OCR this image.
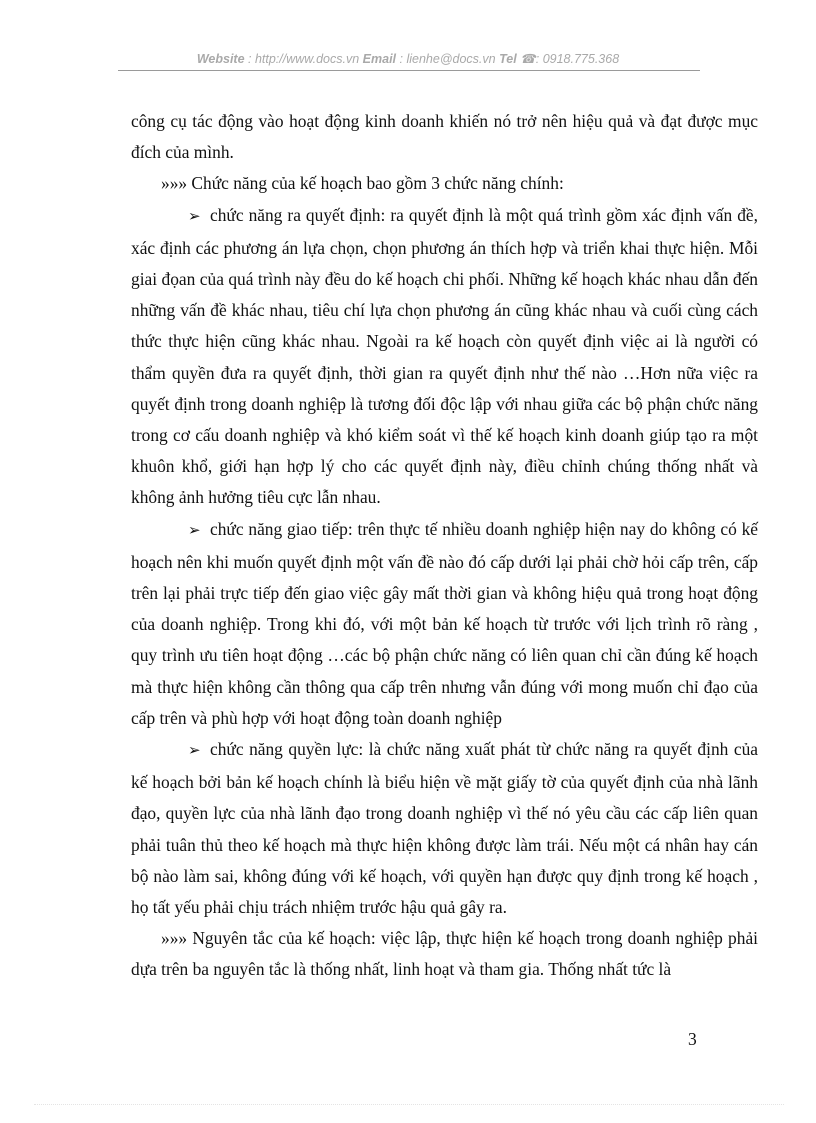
Website : http://www.docs.vn Email : lienhe@docs.vn Tel ☎: 0918.775.368

công cụ tác động vào hoạt động kinh doanh khiến nó trở nên hiệu quả và đạt được mục đích của mình.

»»» Chức năng của kế hoạch bao gồm 3 chức năng chính:

➢ chức năng ra quyết định: ra quyết định là một quá trình gồm xác định vấn đề, xác định các phương án lựa chọn, chọn phương án thích hợp và triển khai thực hiện. Mỗi giai đọan của quá trình này đều do kế hoạch chi phối. Những kế hoạch khác nhau dẫn đến những vấn đề khác nhau, tiêu chí lựa chọn phương án cũng khác nhau và cuối cùng cách thức thực hiện cũng khác nhau. Ngoài ra kế hoạch còn quyết định việc ai là người có thẩm quyền đưa ra quyết định, thời gian ra quyết định như thế nào …Hơn nữa việc ra quyết định trong doanh nghiệp là tương đối độc lập với nhau giữa các bộ phận chức năng trong cơ cấu doanh nghiệp và khó kiểm soát vì thế kế hoạch kinh doanh giúp tạo ra một khuôn khổ, giới hạn hợp lý cho các quyết định này, điều chỉnh chúng thống nhất và không ảnh hưởng tiêu cực lẫn nhau.

➢ chức năng giao tiếp: trên thực tế nhiều doanh nghiệp hiện nay do không có kế hoạch nên khi muốn quyết định một vấn đề nào đó cấp dưới lại phải chờ hỏi cấp trên, cấp trên lại phải trực tiếp đến giao việc gây mất thời gian và không hiệu quả trong hoạt động của doanh nghiệp. Trong khi đó, với một bản kế hoạch từ trước với lịch trình rõ ràng , quy trình ưu tiên hoạt động …các bộ phận chức năng có liên quan chỉ cần đúng kế hoạch mà thực hiện không cần thông qua cấp trên nhưng vẫn đúng với mong muốn chỉ đạo của cấp trên và phù hợp với hoạt động toàn doanh nghiệp

➢ chức năng quyền lực: là chức năng xuất phát từ chức năng ra quyết định của kế hoạch bởi bản kế hoạch chính là biểu hiện về mặt giấy tờ của quyết định của nhà lãnh đạo, quyền lực của nhà lãnh đạo trong doanh nghiệp vì thế nó yêu cầu các cấp liên quan phải tuân thủ theo kế hoạch mà thực hiện không được làm trái. Nếu một cá nhân hay cán bộ nào làm sai, không đúng với kế hoạch, với quyền hạn được quy định trong kế hoạch , họ tất yếu phải chịu trách nhiệm trước hậu quả gây ra.

»»» Nguyên tắc của kế hoạch: việc lập, thực hiện kế hoạch trong doanh nghiệp phải dựa trên ba nguyên tắc là thống nhất, linh hoạt và tham gia. Thống nhất tức là

3
